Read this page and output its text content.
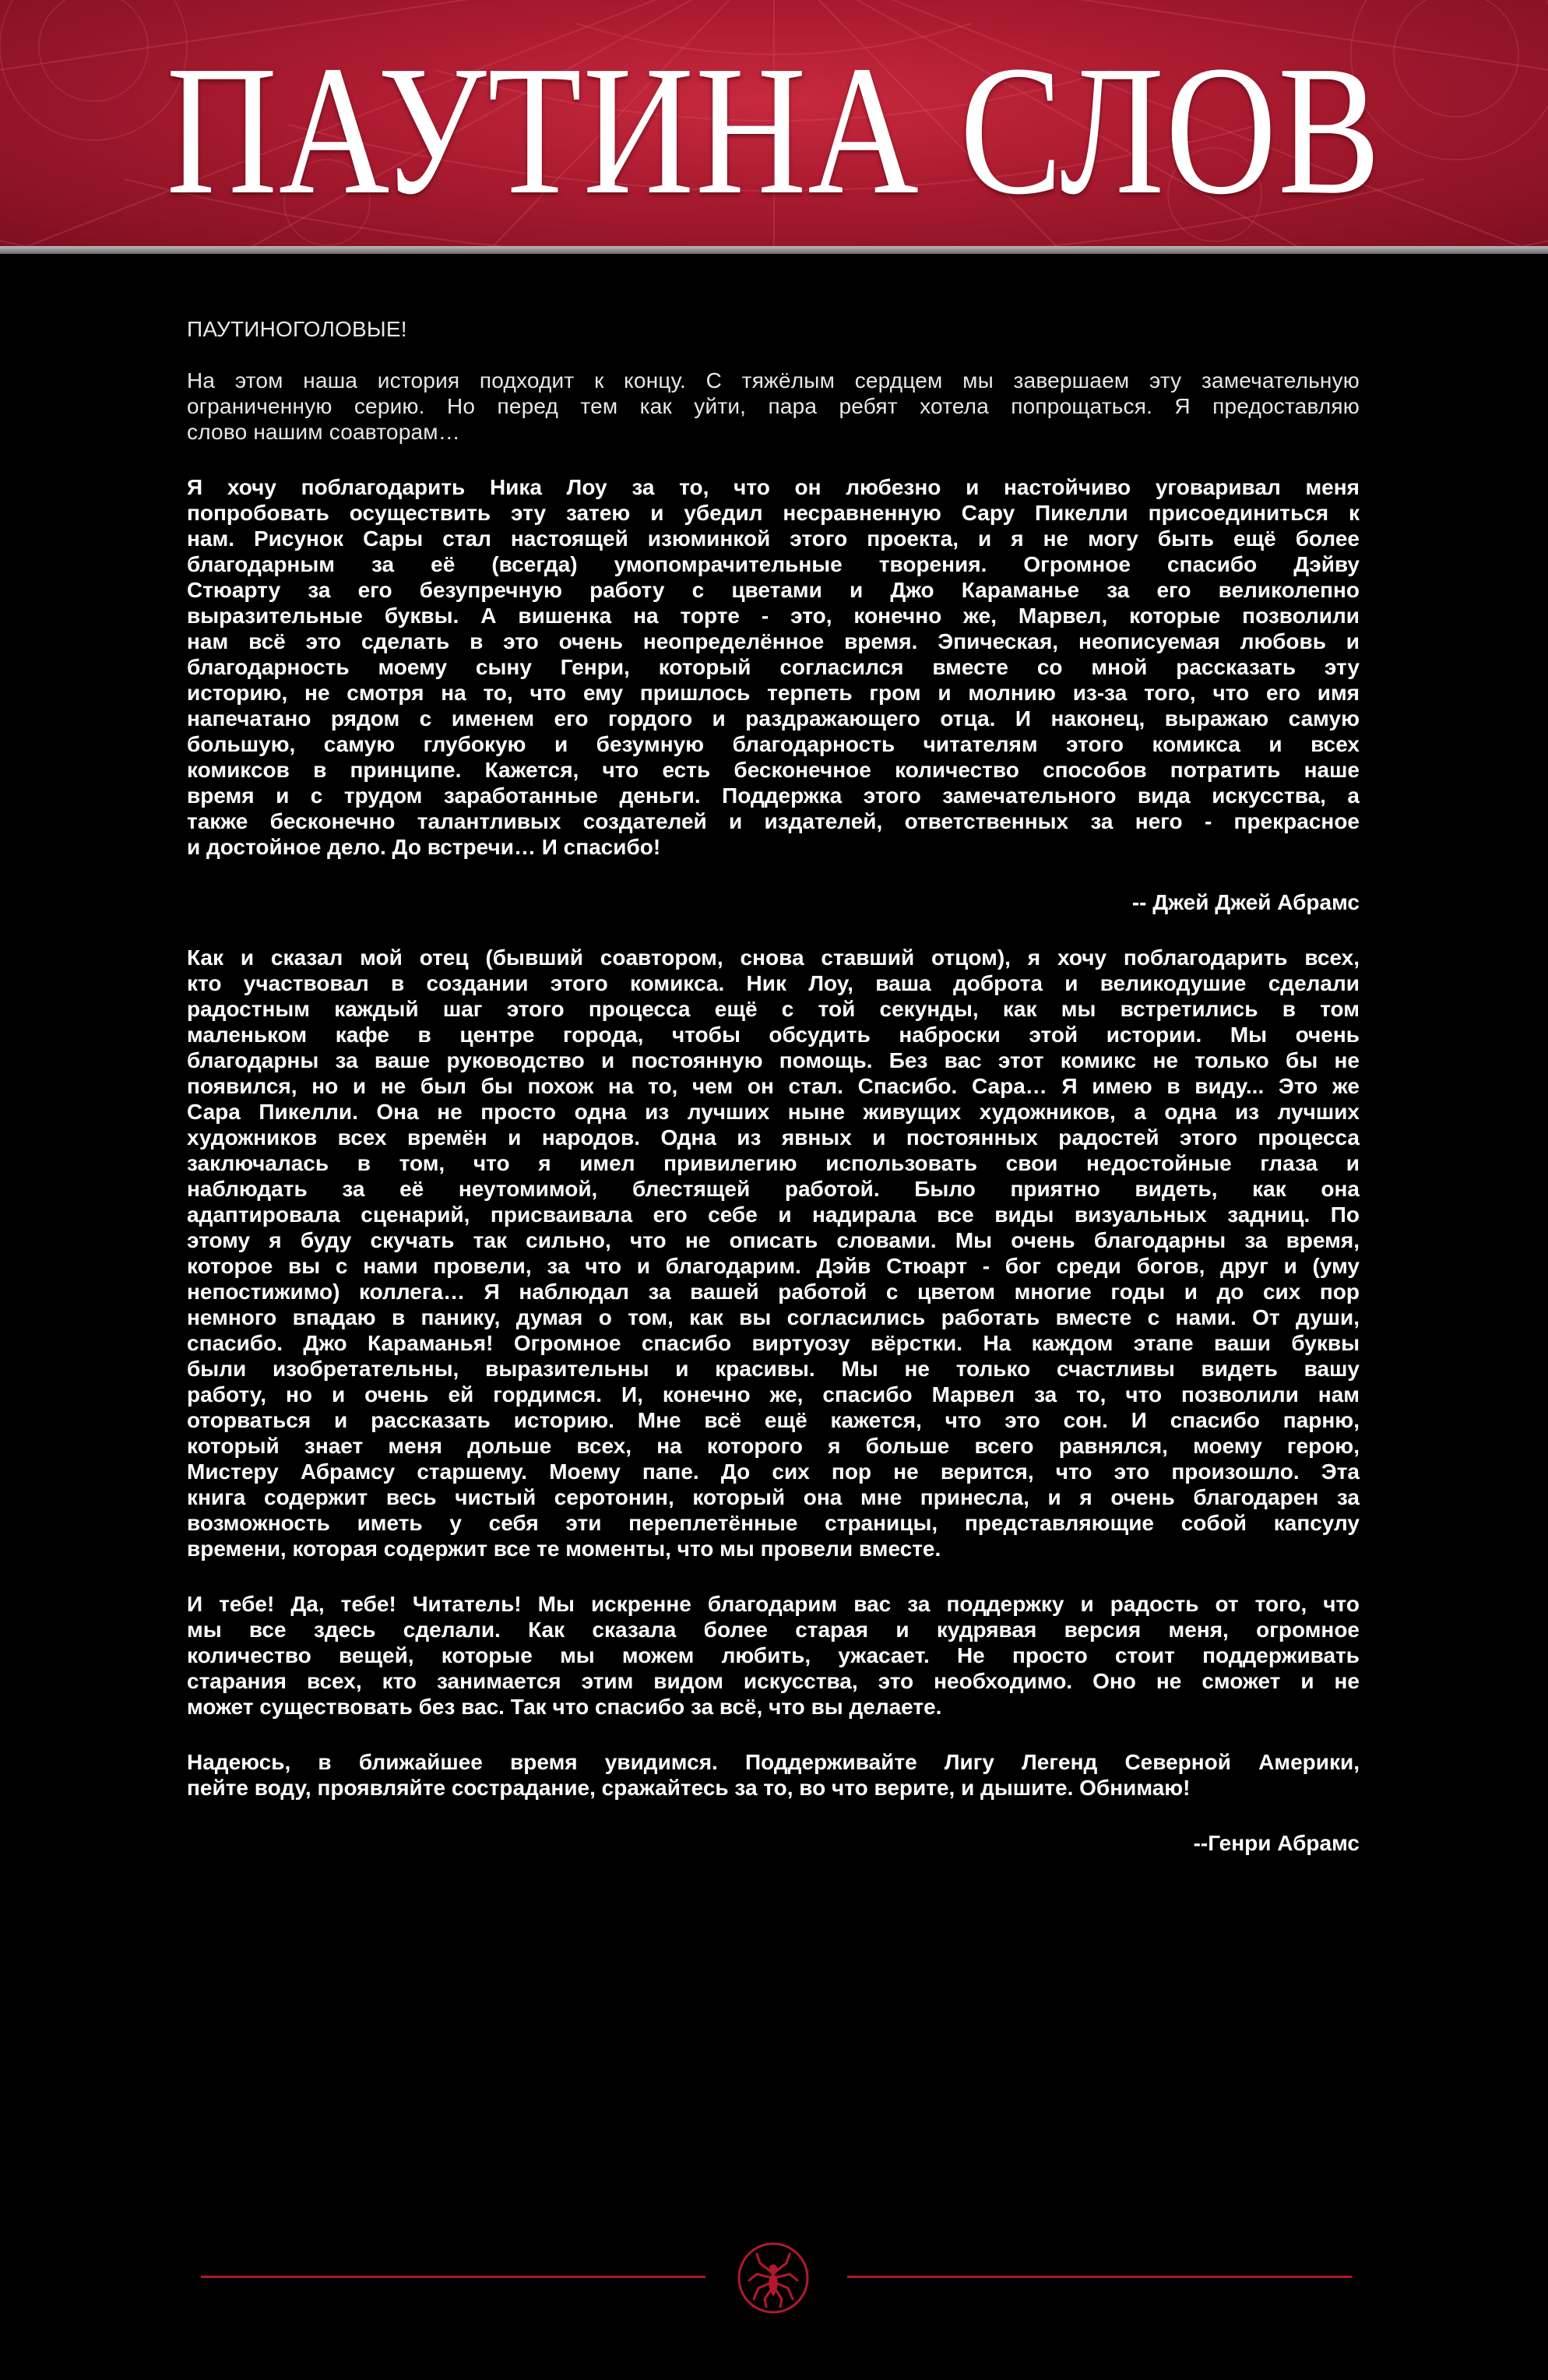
ПАУТИНА СЛОВ

ПАУТИНОГОЛОВЫЕ!

На этом наша история подходит к концу. С тяжёлым сердцем мы завершаем эту замечательную

ограниченную серию. Но перед тем как уйти, пара ребят хотела попрощаться. Я предоставляю

слово нашим соавторам…

Я хочу поблагодарить Ника Лоу за то, что он любезно и настойчиво уговаривал меня

попробовать осуществить эту затею и убедил несравненную Сару Пикелли присоединиться к

нам. Рисунок Сары стал настоящей изюминкой этого проекта, и я не могу быть ещё более

благодарным за её (всегда) умопомрачительные творения. Огромное спасибо Дэйву

Стюарту за его безупречную работу с цветами и Джо Караманье за его великолепно

выразительные буквы. А вишенка на торте - это, конечно же, Марвел, которые позволили

нам всё это сделать в это очень неопределённое время. Эпическая, неописуемая любовь и

благодарность моему сыну Генри, который согласился вместе со мной рассказать эту

историю, не смотря на то, что ему пришлось терпеть гром и молнию из-за того, что его имя

напечатано рядом с именем его гордого и раздражающего отца. И наконец, выражаю самую

большую, самую глубокую и безумную благодарность читателям этого комикса и всех

комиксов в принципе. Кажется, что есть бесконечное количество способов потратить наше

время и с трудом заработанные деньги. Поддержка этого замечательного вида искусства, а

также бесконечно талантливых создателей и издателей, ответственных за него - прекрасное

и достойное дело. До встречи… И спасибо!

-- Джей Джей Абрамс

Как и сказал мой отец (бывший соавтором, снова ставший отцом), я хочу поблагодарить всех,

кто участвовал в создании этого комикса. Ник Лоу, ваша доброта и великодушие сделали

радостным каждый шаг этого процесса ещё с той секунды, как мы встретились в том

маленьком кафе в центре города, чтобы обсудить наброски этой истории. Мы очень

благодарны за ваше руководство и постоянную помощь. Без вас этот комикс не только бы не

появился, но и не был бы похож на то, чем он стал. Спасибо. Сара… Я имею в виду... Это же

Сара Пикелли. Она не просто одна из лучших ныне живущих художников, а одна из лучших

художников всех времён и народов. Одна из явных и постоянных радостей этого процесса

заключалась в том, что я имел привилегию использовать свои недостойные глаза и

наблюдать за её неутомимой, блестящей работой. Было приятно видеть, как она

адаптировала сценарий, присваивала его себе и надирала все виды визуальных задниц. По

этому я буду скучать так сильно, что не описать словами. Мы очень благодарны за время,

которое вы с нами провели, за что и благодарим. Дэйв Стюарт - бог среди богов, друг и (уму

непостижимо) коллега… Я наблюдал за вашей работой с цветом многие годы и до сих пор

немного впадаю в панику, думая о том, как вы согласились работать вместе с нами. От души,

спасибо. Джо Караманья! Огромное спасибо виртуозу вёрстки. На каждом этапе ваши буквы

были изобретательны, выразительны и красивы. Мы не только счастливы видеть вашу

работу, но и очень ей гордимся. И, конечно же, спасибо Марвел за то, что позволили нам

оторваться и рассказать историю. Мне всё ещё кажется, что это сон. И спасибо парню,

который знает меня дольше всех, на которого я больше всего равнялся, моему герою,

Мистеру Абрамсу старшему. Моему папе. До сих пор не верится, что это произошло. Эта

книга содержит весь чистый серотонин, который она мне принесла, и я очень благодарен за

возможность иметь у себя эти переплетённые страницы, представляющие собой капсулу

времени, которая содержит все те моменты, что мы провели вместе.

И тебе! Да, тебе! Читатель! Мы искренне благодарим вас за поддержку и радость от того, что

мы все здесь сделали. Как сказала более старая и кудрявая версия меня, огромное

количество вещей, которые мы можем любить, ужасает. Не просто стоит поддерживать

старания всех, кто занимается этим видом искусства, это необходимо. Оно не сможет и не

может существовать без вас. Так что спасибо за всё, что вы делаете.

Надеюсь, в ближайшее время увидимся. Поддерживайте Лигу Легенд Северной Америки,

пейте воду, проявляйте сострадание, сражайтесь за то, во что верите, и дышите. Обнимаю!

--Генри Абрамс
